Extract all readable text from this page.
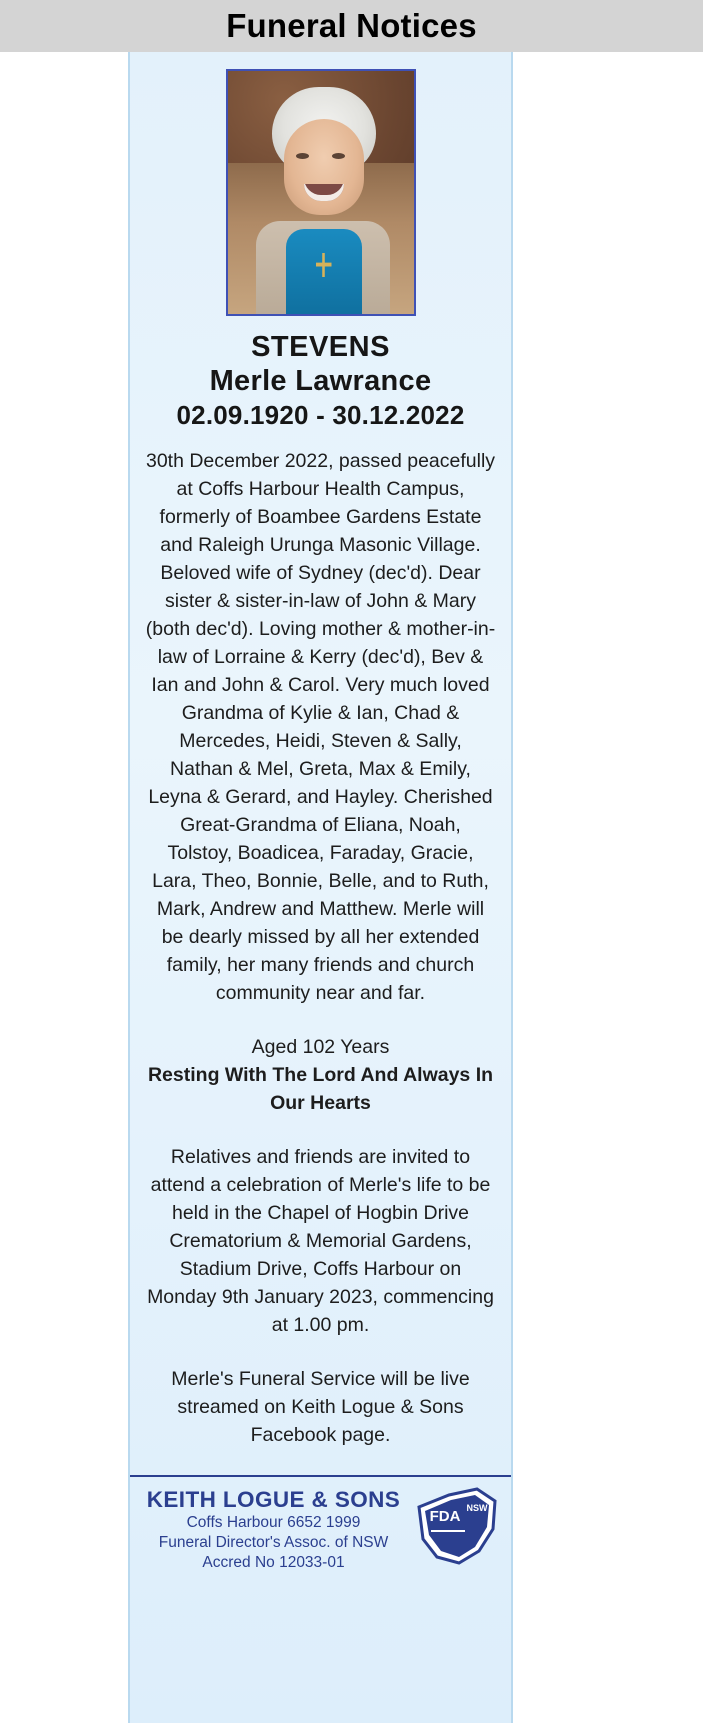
Funeral Notices
STEVENS
Merle Lawrance
02.09.1920 - 30.12.2022
30th December 2022, passed peacefully at Coffs Harbour Health Campus, formerly of Boambee Gardens Estate and Raleigh Urunga Masonic Village. Beloved wife of Sydney (dec'd). Dear sister & sister-in-law of John & Mary (both dec'd). Loving mother & mother-in-law of Lorraine & Kerry (dec'd), Bev & Ian and John & Carol. Very much loved Grandma of Kylie & Ian, Chad & Mercedes, Heidi, Steven & Sally, Nathan & Mel, Greta, Max & Emily, Leyna & Gerard, and Hayley. Cherished Great-Grandma of Eliana, Noah, Tolstoy, Boadicea, Faraday, Gracie, Lara, Theo, Bonnie, Belle, and to Ruth, Mark, Andrew and Matthew. Merle will be dearly missed by all her extended family, her many friends and church community near and far.
Aged 102 Years
Resting With The Lord And Always In Our Hearts
Relatives and friends are invited to attend a celebration of Merle's life to be held in the Chapel of Hogbin Drive Crematorium & Memorial Gardens, Stadium Drive, Coffs Harbour on Monday 9th January 2023, commencing at 1.00 pm.
Merle's Funeral Service will be live streamed on Keith Logue & Sons Facebook page.
KEITH LOGUE & SONS
Coffs Harbour 6652 1999
Funeral Director's Assoc. of NSW
Accred No 12033-01
FDA NSW
